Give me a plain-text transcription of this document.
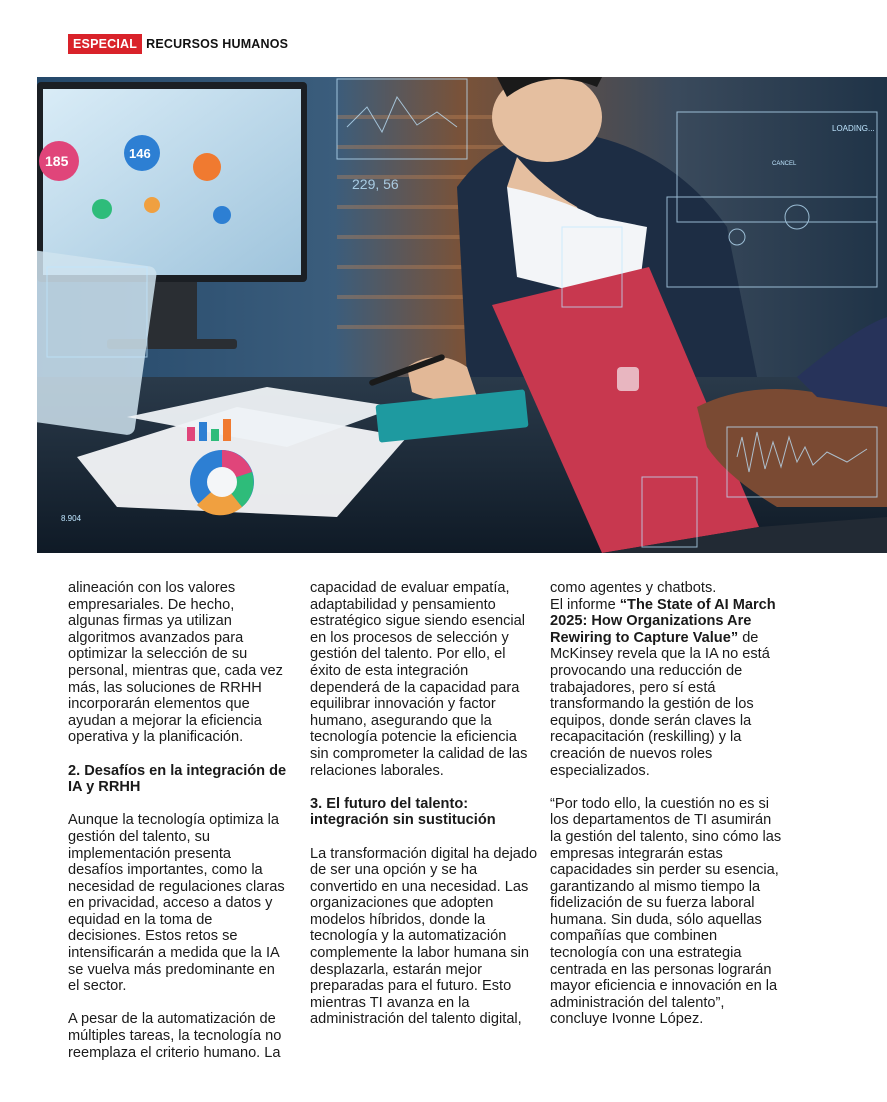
ESPECIAL RECURSOS HUMANOS
185	146
229, 56
LOADING...
CANCEL
8.904

alineación con los valores empresariales. De hecho, algunas firmas ya utilizan algoritmos avanzados para optimizar la selección de su personal, mientras que, cada vez más, las soluciones de RRHH incorporarán elementos que ayudan a mejorar la eficiencia operativa y la planificación.

2. Desafíos en la integración de IA y RRHH

Aunque la tecnología optimiza la gestión del talento, su implementación presenta desafíos importantes, como la necesidad de regulaciones claras en privacidad, acceso a datos y equidad en la toma de decisiones. Estos retos se intensificarán a medida que la IA se vuelva más predominante en el sector.

A pesar de la automatización de múltiples tareas, la tecnología no reemplaza el criterio humano. La

capacidad de evaluar empatía, adaptabilidad y pensamiento estratégico sigue siendo esencial en los procesos de selección y gestión del talento. Por ello, el éxito de esta integración dependerá de la capacidad para equilibrar innovación y factor humano, asegurando que la tecnología potencie la eficiencia sin comprometer la calidad de las relaciones laborales.

3. El futuro del talento: integración sin sustitución

La transformación digital ha dejado de ser una opción y se ha convertido en una necesidad. Las organizaciones que adopten modelos híbridos, donde la tecnología y la automatización complemente la labor humana sin desplazarla, estarán mejor preparadas para el futuro. Esto mientras TI avanza en la administración del talento digital,

como agentes y chatbots.

El informe “The State of AI March 2025: How Organizations Are Rewiring to Capture Value” de McKinsey revela que la IA no está provocando una reducción de trabajadores, pero sí está transformando la gestión de los equipos, donde serán claves la recapacitación (reskilling) y la creación de nuevos roles especializados.

“Por todo ello, la cuestión no es si los departamentos de TI asumirán la gestión del talento, sino cómo las empresas integrarán estas capacidades sin perder su esencia, garantizando al mismo tiempo la fidelización de su fuerza laboral humana. Sin duda, sólo aquellas compañías que combinen tecnología con una estrategia centrada en las personas lograrán mayor eficiencia e innovación en la administración del talento”, concluye Ivonne López.
